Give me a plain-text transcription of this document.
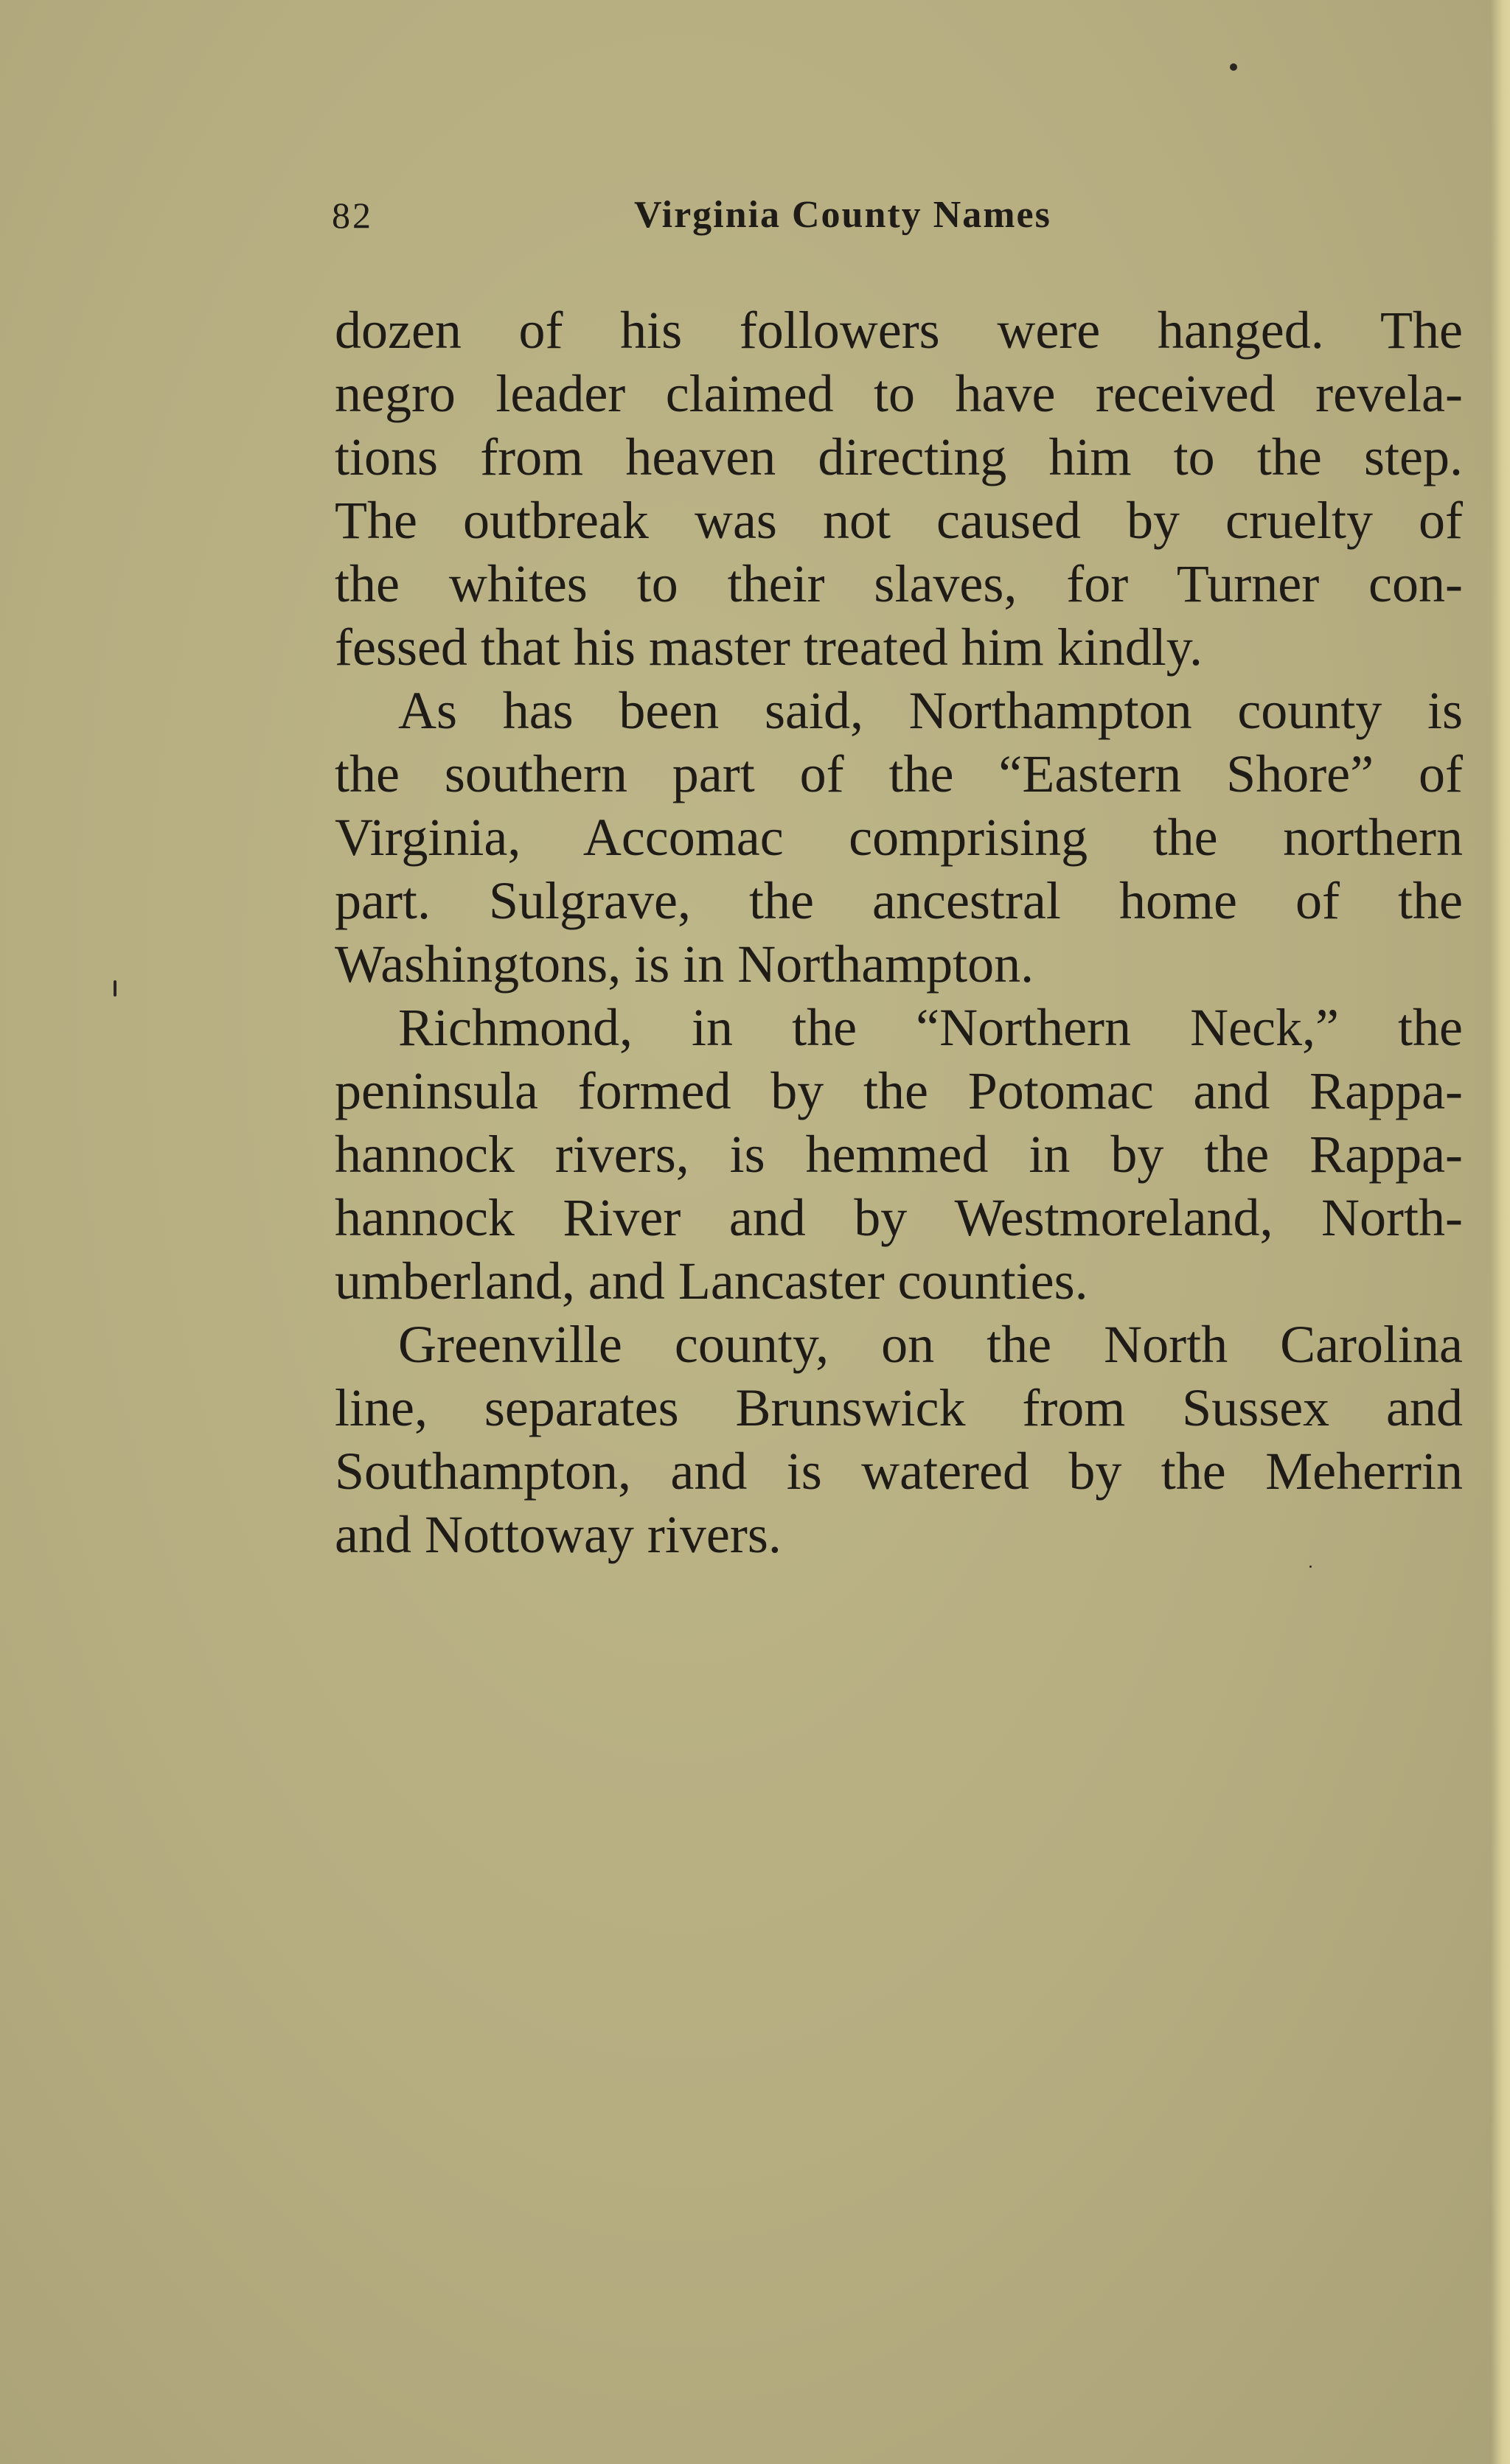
82	Virginia County Names
dozen of his followers were hanged. The
negro leader claimed to have received revela-
tions from heaven directing him to the step.
The outbreak was not caused by cruelty of
the whites to their slaves, for Turner con-
fessed that his master treated him kindly.
As has been said, Northampton county is
the southern part of the “Eastern Shore” of
Virginia, Accomac comprising the northern
part. Sulgrave, the ancestral home of the
Washingtons, is in Northampton.
Richmond, in the “Northern Neck,” the
peninsula formed by the Potomac and Rappa-
hannock rivers, is hemmed in by the Rappa-
hannock River and by Westmoreland, North-
umberland, and Lancaster counties.
Greenville county, on the North Carolina
line, separates Brunswick from Sussex and
Southampton, and is watered by the Meherrin
and Nottoway rivers.
